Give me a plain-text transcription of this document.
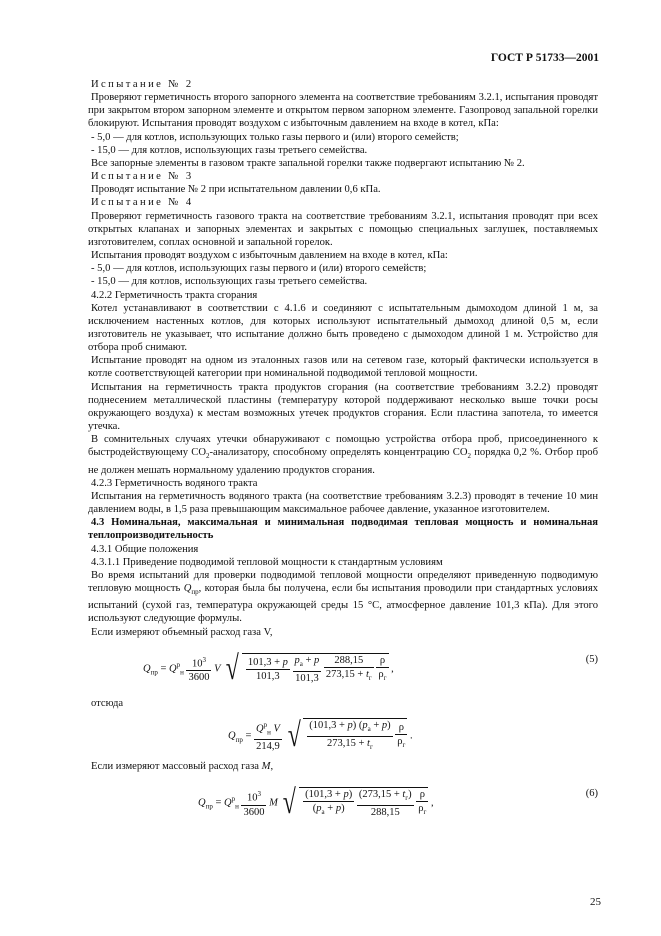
ГОСТ Р 51733—2001
Испытание № 2

Проверяют герметичность второго запорного элемента на соответствие требованиям 3.2.1, испытания проводят при закрытом втором запорном элементе и открытом первом запорном элементе. Газопровод запальной горелки блокируют. Испытания проводят воздухом с избыточным давлением на входе в котел, кПа:

- 5,0 — для котлов, использующих только газы первого и (или) второго семейств;

- 15,0 — для котлов, использующих газы третьего семейства.

Все запорные элементы в газовом тракте запальной горелки также подвергают испытанию № 2.

Испытание № 3

Проводят испытание № 2 при испытательном давлении 0,6 кПа.

Испытание № 4

Проверяют герметичность газового тракта на соответствие требованиям 3.2.1, испытания проводят при всех открытых клапанах и запорных элементах и закрытых с помощью специальных заглушек, поставляемых изготовителем, соплах основной и запальной горелок.

Испытания проводят воздухом с избыточным давлением на входе в котел, кПа:

- 5,0 — для котлов, использующих газы первого и (или) второго семейств;

- 15,0 — для котлов, использующих газы третьего семейства.

4.2.2 Герметичность тракта сгорания

Котел устанавливают в соответствии с 4.1.6 и соединяют с испытательным дымоходом длиной 1 м, за исключением настенных котлов, для которых используют испытательный дымоход длиной 0,5 м, если изготовитель не указывает, что испытание должно быть проведено с дымоходом длиной 1 м. Устройство для отбора проб снимают.

Испытание проводят на одном из эталонных газов или на сетевом газе, который фактически используется в котле соответствующей категории при номинальной подводимой тепловой мощности.

Испытания на герметичность тракта продуктов сгорания (на соответствие требованиям 3.2.2) проводят поднесением металлической пластины (температуру которой поддерживают несколько выше точки росы окружающего воздуха) к местам возможных утечек продуктов сгорания. Если пластина запотела, то имеется утечка.

В сомнительных случаях утечки обнаруживают с помощью устройства отбора проб, присоединенного к быстродействующему $CO_2$-анализатору, способному определять концентрацию $CO_2$ порядка 0,2 %. Отбор проб не должен мешать нормальному удалению продуктов сгорания.

4.2.3 Герметичность водяного тракта

Испытания на герметичность водяного тракта (на соответствие требованиям 3.2.3) проводят в течение 10 мин давлением воды, в 1,5 раза превышающим максимальное рабочее давление, указанное изготовителем.

4.3 Номинальная, максимальная и минимальная подводимая тепловая мощность и номинальная теплопроизводительность

4.3.1 Общие положения

4.3.1.1 Приведение подводимой тепловой мощности к стандартным условиям

Во время испытаний для проверки подводимой тепловой мощности определяют приведенную подводимую тепловую мощность $Q_{пр}$, которая была бы получена, если бы испытания проводили при стандартных условиях испытаний (сухой газ, температура окружающей среды 15 °С, атмосферное давление 101,3 кПа). Для этого используют следующие формулы.

Если измеряют объемный расход газа V,

$Q_{пр} = Q^р_н \frac{10^3}{3600}$ V √ $\frac{101,3 + p}{101,3}$
$\frac{p_а + p}{101,3}$
$\frac{288,15}{273,15 + t_г}$
$\frac{\rho}{\rho_г}$ ,
(5)

отсюда

$Q_{пр} = \frac{Q^р_н V}{214,9}$ √ $\frac{(101,3 + p) (p_а + p)}{273,15 + t_г}$
$\frac{\rho}{\rho_г}$ .

Если измеряют массовый расход газа M,

$Q_{пр} = Q^р_н \frac{10^3}{3600}$ M √ $\frac{(101,3 + p)}{(p_а + p)}$
$\frac{(273,15 + t_г)}{288,15}$
$\frac{\rho}{\rho_г}$ ,
(6)
25
